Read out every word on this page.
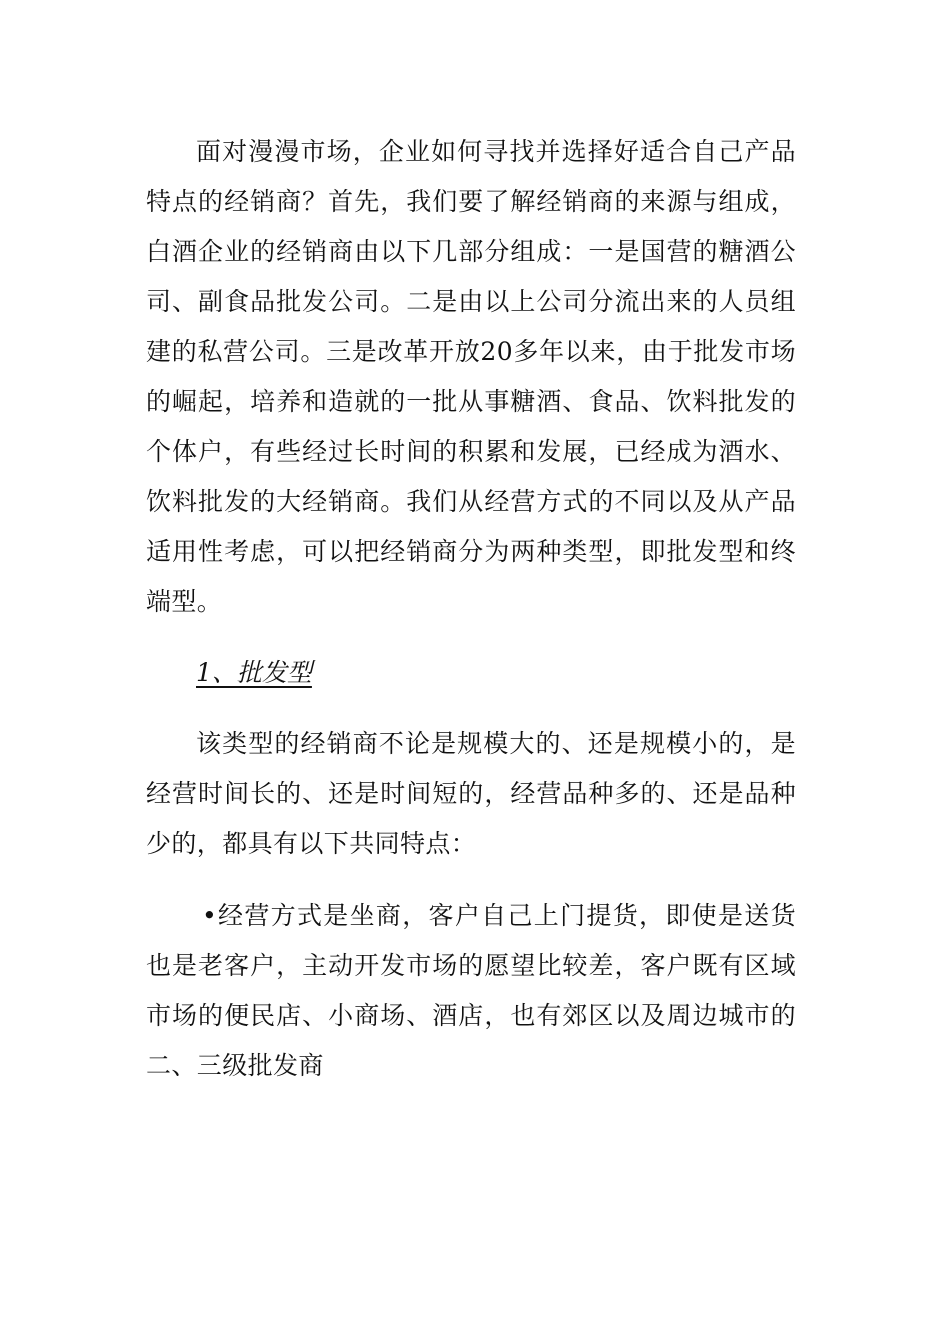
面对漫漫市场，企业如何寻找并选择好适合自己产品特点的经销商？首先，我们要了解经销商的来源与组成，白酒企业的经销商由以下几部分组成：一是国营的糖酒公司、副食品批发公司。二是由以上公司分流出来的人员组建的私营公司。三是改革开放20多年以来，由于批发市场的崛起，培养和造就的一批从事糖酒、食品、饮料批发的个体户，有些经过长时间的积累和发展，已经成为酒水、饮料批发的大经销商。我们从经营方式的不同以及从产品适用性考虑，可以把经销商分为两种类型，即批发型和终端型。

1、批发型

该类型的经销商不论是规模大的、还是规模小的，是经营时间长的、还是时间短的，经营品种多的、还是品种少的，都具有以下共同特点：

•经营方式是坐商，客户自己上门提货，即使是送货也是老客户，主动开发市场的愿望比较差，客户既有区域市场的便民店、小商场、酒店，也有郊区以及周边城市的二、三级批发商
